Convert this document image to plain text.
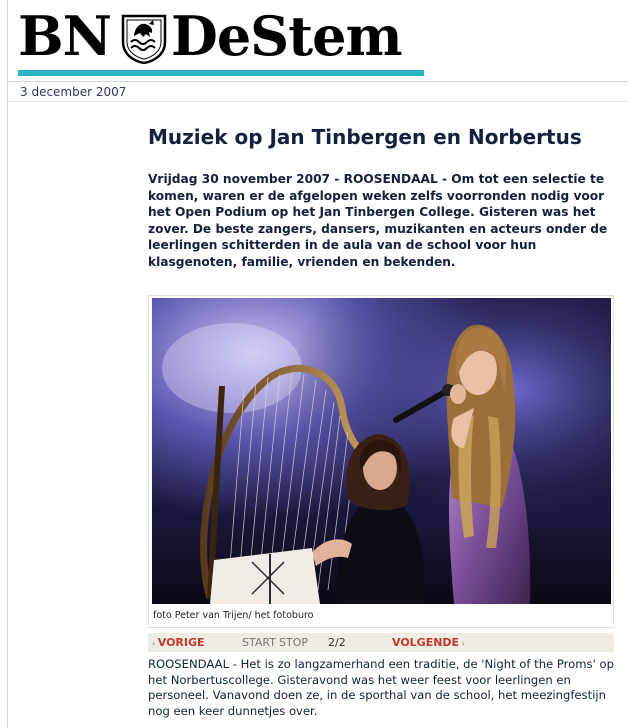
BN DeStem
3 december 2007
Muziek op Jan Tinbergen en Norbertus

Vrijdag 30 november 2007 - ROOSENDAAL - Om tot een selectie te komen, waren er de afgelopen weken zelfs voorronden nodig voor het Open Podium op het Jan Tinbergen College. Gisteren was het zover. De beste zangers, dansers, muzikanten en acteurs onder de leerlingen schitterden in de aula van de school voor hun klasgenoten, familie, vrienden en bekenden.

foto Peter van Trijen/ het fotoburo
‹ VORIGE	START STOP 2/2	VOLGENDE ›

ROOSENDAAL - Het is zo langzamerhand een traditie, de 'Night of the Proms' op het Norbertuscollege. Gisteravond was het weer feest voor leerlingen en personeel. Vanavond doen ze, in de sporthal van de school, het meezingfestijn nog een keer dunnetjes over.
